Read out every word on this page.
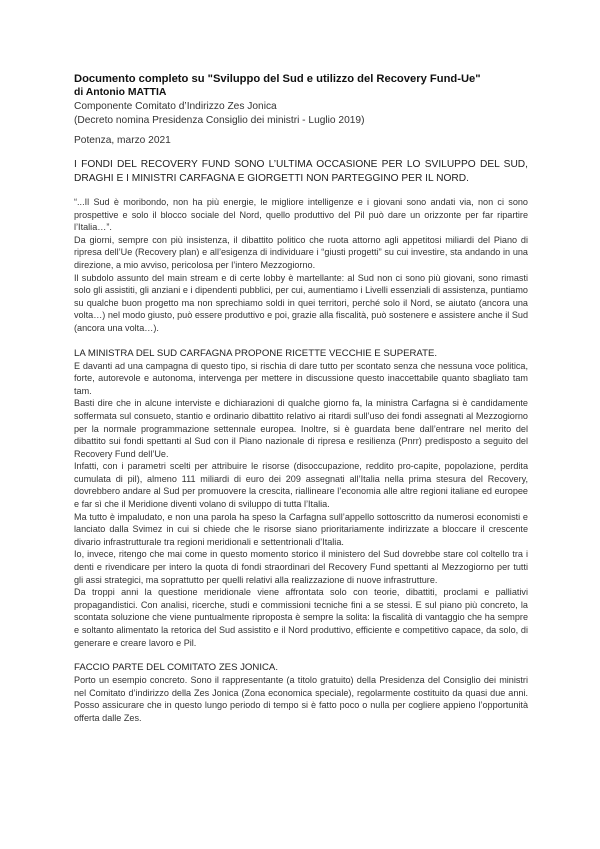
Documento completo su "Sviluppo del Sud e utilizzo del Recovery Fund-Ue"

di Antonio MATTIA

Componente Comitato d’Indirizzo Zes Jonica

(Decreto nomina Presidenza Consiglio dei ministri - Luglio 2019)

Potenza, marzo 2021

I FONDI DEL RECOVERY FUND SONO L’ULTIMA OCCASIONE PER LO SVILUPPO DEL SUD, DRAGHI E I MINISTRI CARFAGNA E GIORGETTI NON PARTEGGINO PER IL NORD.

“...Il Sud è moribondo, non ha più energie, le migliore intelligenze e i giovani sono andati via, non ci sono prospettive e solo il blocco sociale del Nord, quello produttivo del Pil può dare un orizzonte per far ripartire l’Italia…”.

Da giorni, sempre con più insistenza, il dibattito politico che ruota attorno agli appetitosi miliardi del Piano di ripresa dell’Ue (Recovery plan) e all’esigenza di individuare i “giusti progetti” su cui investire, sta andando in una direzione, a mio avviso, pericolosa per l’intero Mezzogiorno.

Il subdolo assunto del main stream e di certe lobby è martellante: al Sud non ci sono più giovani, sono rimasti solo gli assistiti, gli anziani e i dipendenti pubblici, per cui, aumentiamo i Livelli essenziali di assistenza, puntiamo su qualche buon progetto ma non sprechiamo soldi in quei territori, perché solo il Nord, se aiutato (ancora una volta…) nel modo giusto, può essere produttivo e poi, grazie alla fiscalità, può sostenere e assistere anche il Sud (ancora una volta…).

LA MINISTRA DEL SUD CARFAGNA PROPONE RICETTE VECCHIE E SUPERATE.

E davanti ad una campagna di questo tipo, si rischia di dare tutto per scontato senza che nessuna voce politica, forte, autorevole e autonoma, intervenga per mettere in discussione questo inaccettabile quanto sbagliato tam tam.

Basti dire che in alcune interviste e dichiarazioni di qualche giorno fa, la ministra Carfagna si è candidamente soffermata sul consueto, stantio e ordinario dibattito relativo ai ritardi sull’uso dei fondi assegnati al Mezzogiorno per la normale programmazione settennale europea. Inoltre, si è guardata bene dall’entrare nel merito del dibattito sui fondi spettanti al Sud con il Piano nazionale di ripresa e resilienza (Pnrr) predisposto a seguito del Recovery Fund dell’Ue.

Infatti, con i parametri scelti per attribuire le risorse (disoccupazione, reddito pro-capite, popolazione, perdita cumulata di pil), almeno 111 miliardi di euro dei 209 assegnati all’Italia nella prima stesura del Recovery, dovrebbero andare al Sud per promuovere la crescita, riallineare l’economia alle altre regioni italiane ed europee e far sì che il Meridione diventi volano di sviluppo di tutta l’Italia.

Ma tutto è impaludato, e non una parola ha speso la Carfagna sull’appello sottoscritto da numerosi economisti e lanciato dalla Svimez in cui si chiede che le risorse siano prioritariamente indirizzate a bloccare il crescente divario infrastrutturale tra regioni meridionali e settentrionali d’Italia.

Io, invece, ritengo che mai come in questo momento storico il ministero del Sud dovrebbe stare col coltello tra i denti e rivendicare per intero la quota di fondi straordinari del Recovery Fund spettanti al Mezzogiorno per tutti gli assi strategici, ma soprattutto per quelli relativi alla realizzazione di nuove infrastrutture.

Da troppi anni la questione meridionale viene affrontata solo con teorie, dibattiti, proclami e palliativi propagandistici. Con analisi, ricerche, studi e commissioni tecniche fini a se stessi. E sul piano più concreto, la scontata soluzione che viene puntualmente riproposta è sempre la solita: la fiscalità di vantaggio che ha sempre e soltanto alimentato la retorica del Sud assistito e il Nord produttivo, efficiente e competitivo capace, da solo, di generare e creare lavoro e Pil.

FACCIO PARTE DEL COMITATO ZES JONICA.

Porto un esempio concreto. Sono il rappresentante (a titolo gratuito) della Presidenza del Consiglio dei ministri nel Comitato d’indirizzo della Zes Jonica (Zona economica speciale), regolarmente costituito da quasi due anni. Posso assicurare che in questo lungo periodo di tempo si è fatto poco o nulla per cogliere appieno l’opportunità offerta dalle Zes.
